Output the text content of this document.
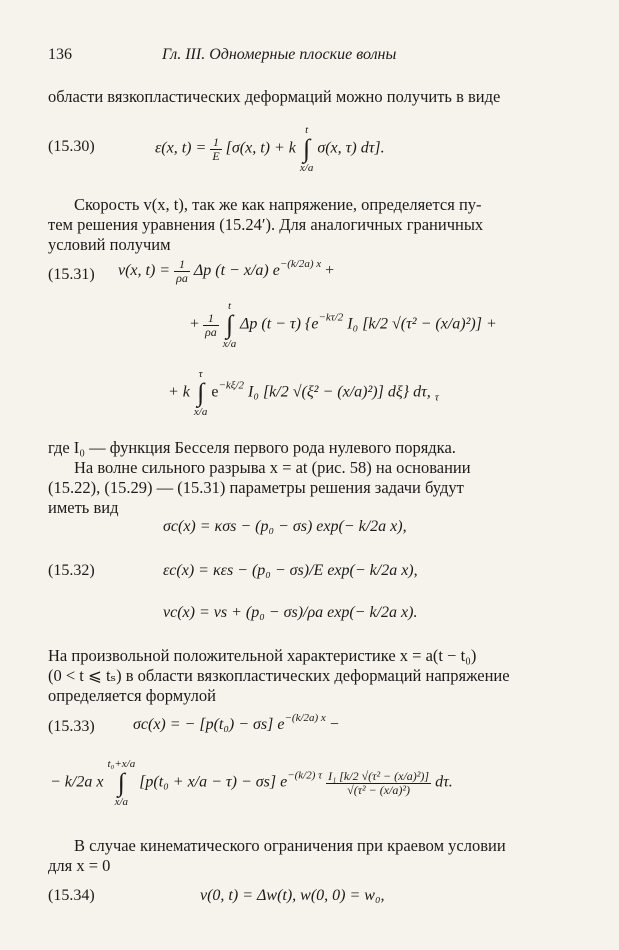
136	Гл. III. Одномерные плоские волны
области вязкопластических деформаций можно получить в виде
(15.30)	ε(x, $t) = \frac{1}{E} [\sigma(x$, t) + k
t
∫
x/a
σ(x, τ) dτ].
Скорость v(x, t), так же как напряжение, определяется пу-
тем решения уравнения (15.24′). Для аналогичных граничных
условий получим
(15.31) v(x, $t) = \frac{1}{\rho a}$ Δp (t − x/a) $e^{-(k/2a) x}$ +
+ $\frac{1}{\rho a}$

t
∫
x/a
Δp (t − τ) {$e^{-k\tau/2}$ I₀ [k/2 √(τ² − (x/a)²)] +
+ k
τ
∫
x/a
$e^{-k\xi/2}$ I₀ [k/2 √(ξ² − (x/a)²)] dξ} dτ, $_\tau$
где I₀ — функция Бесселя первого рода нулевого порядка.
На волне сильного разрыва x = at (рис. 58) на основании
(15.22), (15.29) — (15.31) параметры решения задачи будут
иметь вид
(15.32)
σc(x) = κσs − (p₀ − σs) exp(− k/2a x),
εc(x) = κεs − (p₀ − σs)/E exp(− k/2a x),
vc(x) = vs + (p₀ − σs)/ρa exp(− k/2a x).
На произвольной положительной характеристике x = a(t − t₀)
(0 < t ⩽ tₛ) в области вязкопластических деформаций напряжение
определяется формулой
(15.33) σc(x) = − [p(t₀) − σs] $e^{-(k/2a) x}$ −
− k/2a x
t₀+x/a
∫
x/a
[p(t₀ + x/a − τ) − σs] $e^{-(k/2) \tau} \frac{\text{I₁ [k/2 √(τ² − (x/a)²)]}}{\text{√(τ² − (x/a)²)}} d\tau$.
В случае кинематического ограничения при краевом условии
для x = 0
(15.34)	v(0, t) = Δw(t), w(0, 0) = w₀,
